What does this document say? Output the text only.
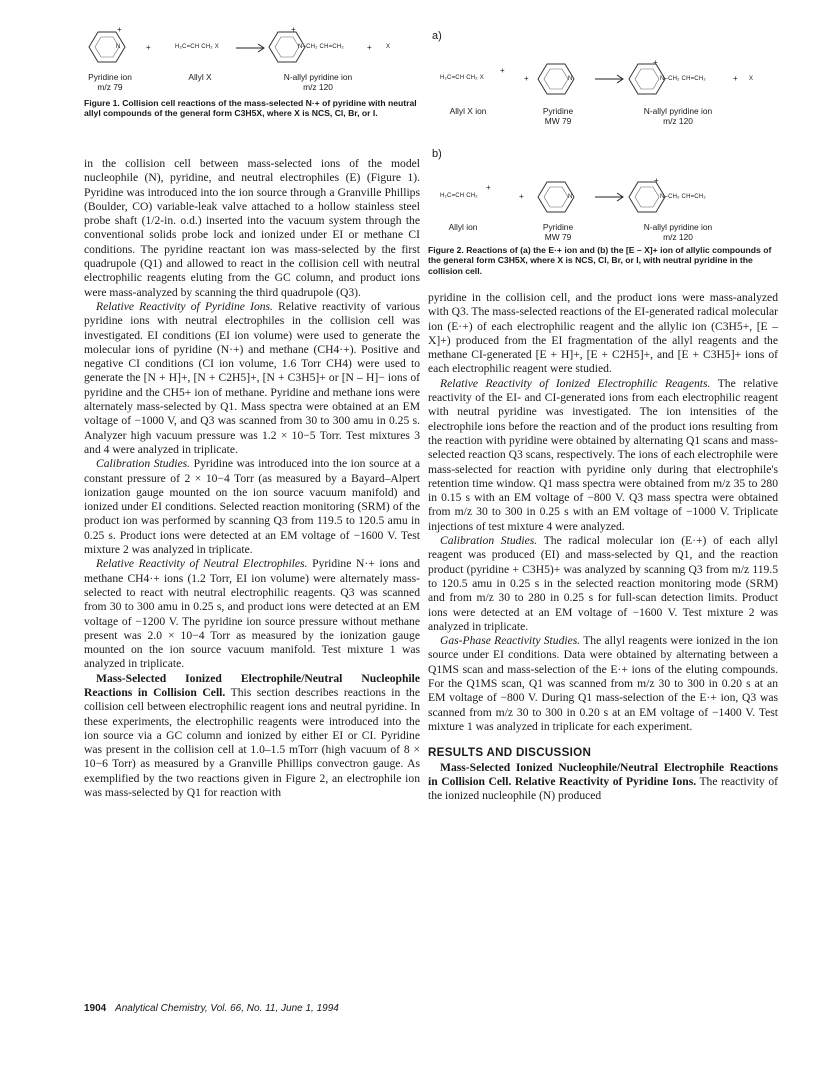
N
+
+	H₂C=CH CH₂ X →
+
N–CH₂ CH=CH₂	+ X
Pyridine ion
m/z 79
Allyl X	N-allyl pyridine ion
m/z 120

Figure 1. Collision cell reactions of the mass-selected N·+ of pyridine with neutral allyl compounds of the general form C3H5X, where X is NCS, Cl, Br, or I.

a)
H₂C=CH CH₂ X
+
+	N →
+
N–CH₂ CH=CH₂	+ X
Allyl X ion	Pyridine
MW 79
N-allyl pyridine ion
m/z 120
b)
H₂C=CH CH₂
+
+	N →
+
N–CH₂ CH=CH₂
Allyl ion	Pyridine
MW 79
N-allyl pyridine ion
m/z 120

Figure 2. Reactions of (a) the E·+ ion and (b) the [E – X]+ ion of allylic compounds of the general form C3H5X, where X is NCS, Cl, Br, or I, with neutral pyridine in the collision cell.

in the collision cell between mass-selected ions of the model nucleophile (N), pyridine, and neutral electrophiles (E) (Figure 1). Pyridine was introduced into the ion source through a Granville Phillips (Boulder, CO) variable-leak valve attached to a hollow stainless steel probe shaft (1/2-in. o.d.) inserted into the vacuum system through the conventional solids probe lock and ionized under EI or methane CI conditions. The pyridine reactant ion was mass-selected by the first quadrupole (Q1) and allowed to react in the collision cell with neutral electrophilic reagents eluting from the GC column, and product ions were mass-analyzed by scanning the third quadrupole (Q3).

Relative Reactivity of Pyridine Ions. Relative reactivity of various pyridine ions with neutral electrophiles in the collision cell was investigated. EI conditions (EI ion volume) were used to generate the molecular ions of pyridine (N·+) and methane (CH4·+). Positive and negative CI conditions (CI ion volume, 1.6 Torr CH4) were used to generate the [N + H]+, [N + C2H5]+, [N + C3H5]+ or [N – H]− ions of pyridine and the CH5+ ion of methane. Pyridine and methane ions were alternately mass-selected by Q1. Mass spectra were obtained at an EM voltage of −1000 V, and Q3 was scanned from 30 to 300 amu in 0.25 s. Analyzer high vacuum pressure was 1.2 × 10−5 Torr. Test mixtures 3 and 4 were analyzed in triplicate.

Calibration Studies. Pyridine was introduced into the ion source at a constant pressure of 2 × 10−4 Torr (as measured by a Bayard–Alpert ionization gauge mounted on the ion source vacuum manifold) and ionized under EI conditions. Selected reaction monitoring (SRM) of the product ion was performed by scanning Q3 from 119.5 to 120.5 amu in 0.25 s. Product ions were detected at an EM voltage of −1600 V. Test mixture 2 was analyzed in triplicate.

Relative Reactivity of Neutral Electrophiles. Pyridine N·+ ions and methane CH4·+ ions (1.2 Torr, EI ion volume) were alternately mass-selected to react with neutral electrophilic reagents. Q3 was scanned from 30 to 300 amu in 0.25 s, and product ions were detected at an EM voltage of −1200 V. The pyridine ion source pressure without methane present was 2.0 × 10−4 Torr as measured by the ionization gauge mounted on the ion source vacuum manifold. Test mixture 1 was analyzed in triplicate.

Mass-Selected Ionized Electrophile/Neutral Nucleophile Reactions in Collision Cell. This section describes reactions in the collision cell between electrophilic reagent ions and neutral pyridine. In these experiments, the electrophilic reagents were introduced into the ion source via a GC column and ionized by either EI or CI. Pyridine was present in the collision cell at 1.0–1.5 mTorr (high vacuum of 8 × 10−6 Torr) as measured by a Granville Phillips convectron gauge. As exemplified by the two reactions given in Figure 2, an electrophile ion was mass-selected by Q1 for reaction with

pyridine in the collision cell, and the product ions were mass-analyzed with Q3. The mass-selected reactions of the EI-generated radical molecular ion (E·+) of each electrophilic reagent and the allylic ion (C3H5+, [E – X]+) produced from the EI fragmentation of the allyl reagents and the methane CI-generated [E + H]+, [E + C2H5]+, and [E + C3H5]+ ions of each electrophilic reagent were studied.

Relative Reactivity of Ionized Electrophilic Reagents. The relative reactivity of the EI- and CI-generated ions from each electrophilic reagent with neutral pyridine was investigated. The ion intensities of the electrophile ions before the reaction and of the product ions resulting from the reaction with pyridine were obtained by alternating Q1 scans and mass-selected reaction Q3 scans, respectively. The ions of each electrophile were mass-selected for reaction with pyridine only during that electrophile's retention time window. Q1 mass spectra were obtained from m/z 35 to 280 in 0.15 s with an EM voltage of −800 V. Q3 mass spectra were obtained from m/z 30 to 300 in 0.25 s with an EM voltage of −1000 V. Triplicate injections of test mixture 4 were analyzed.

Calibration Studies. The radical molecular ion (E·+) of each allyl reagent was produced (EI) and mass-selected by Q1, and the reaction product (pyridine + C3H5)+ was analyzed by scanning Q3 from m/z 119.5 to 120.5 amu in 0.25 s in the selected reaction monitoring mode (SRM) and from m/z 30 to 280 in 0.25 s for full-scan detection limits. Product ions were detected at an EM voltage of −1600 V. Test mixture 2 was analyzed in triplicate.

Gas-Phase Reactivity Studies. The allyl reagents were ionized in the ion source under EI conditions. Data were obtained by alternating between a Q1MS scan and mass-selection of the E·+ ions of the eluting compounds. For the Q1MS scan, Q1 was scanned from m/z 30 to 300 in 0.20 s at an EM voltage of −800 V. During Q1 mass-selection of the E·+ ion, Q3 was scanned from m/z 30 to 300 in 0.20 s at an EM voltage of −1400 V. Test mixture 1 was analyzed in triplicate for each experiment.

RESULTS AND DISCUSSION

Mass-Selected Ionized Nucleophile/Neutral Electrophile Reactions in Collision Cell. Relative Reactivity of Pyridine Ions. The reactivity of the ionized nucleophile (N) produced

1904 Analytical Chemistry, Vol. 66, No. 11, June 1, 1994
